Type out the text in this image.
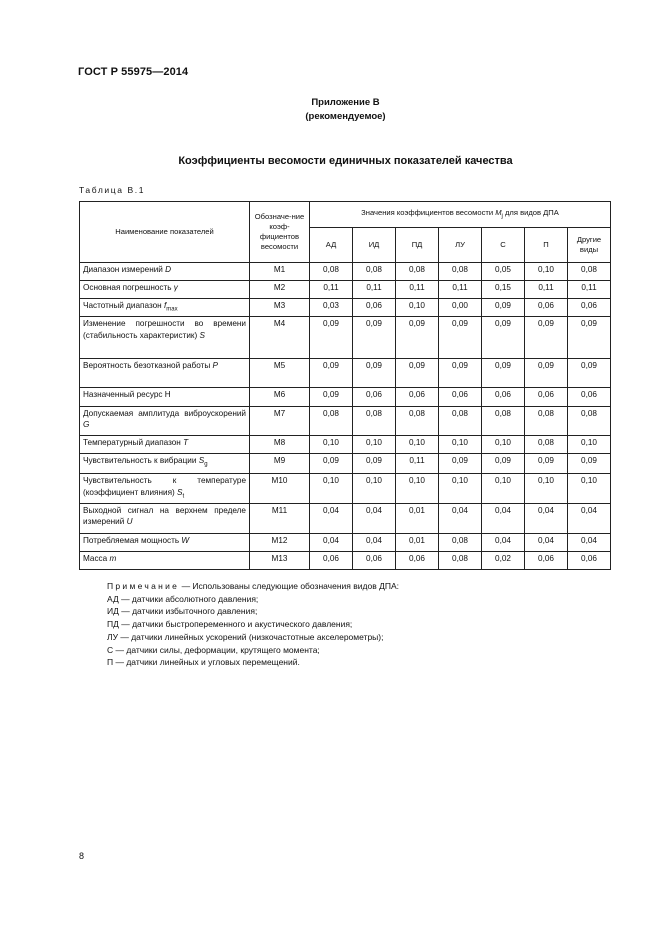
ГОСТ Р 55975—2014
Приложение В
(рекомендуемое)
Коэффициенты весомости единичных показателей качества
Таблица В.1
Наименование показателей	Обозначе-ние коэф-фициентов весомости	Значения коэффициентов весомости $M_j$ для видов ДПА						
		АД	ИД	ПД	ЛУ	С	П	Другие виды
Диапазон измерений D	М1	0,08	0,08	0,08	0,08	0,05	0,10	0,08
Основная погрешность γ	М2	0,11	0,11	0,11	0,11	0,15	0,11	0,11
Частотный диапазон $f_{max}$	М3	0,03	0,06	0,10	0,00	0,09	0,06	0,06
Изменение погрешности во времени (стабильность характеристик) S	М4	0,09	0,09	0,09	0,09	0,09	0,09	0,09
Вероятность безотказной работы P	М5	0,09	0,09	0,09	0,09	0,09	0,09	0,09
Назначенный ресурс Н	М6	0,09	0,06	0,06	0,06	0,06	0,06	0,06
Допускаемая амплитуда виброускорений G	М7	0,08	0,08	0,08	0,08	0,08	0,08	0,08
Температурный диапазон T	М8	0,10	0,10	0,10	0,10	0,10	0,08	0,10
Чувствительность к вибрации $S_g$	М9	0,09	0,09	0,11	0,09	0,09	0,09	0,09
Чувствительность к температуре (коэффициент влияния) $S_t$	М10	0,10	0,10	0,10	0,10	0,10	0,10	0,10
Выходной сигнал на верхнем пределе измерений U	М11	0,04	0,04	0,01	0,04	0,04	0,04	0,04
Потребляемая мощность W	М12	0,04	0,04	0,01	0,08	0,04	0,04	0,04
Масса m	М13	0,06	0,06	0,06	0,08	0,02	0,06	0,06
Примечание — Использованы следующие обозначения видов ДПА:
АД — датчики абсолютного давления;
ИД — датчики избыточного давления;
ПД — датчики быстропеременного и акустического давления;
ЛУ — датчики линейных ускорений (низкочастотные акселерометры);
С — датчики силы, деформации, крутящего момента;
П — датчики линейных и угловых перемещений.
8
